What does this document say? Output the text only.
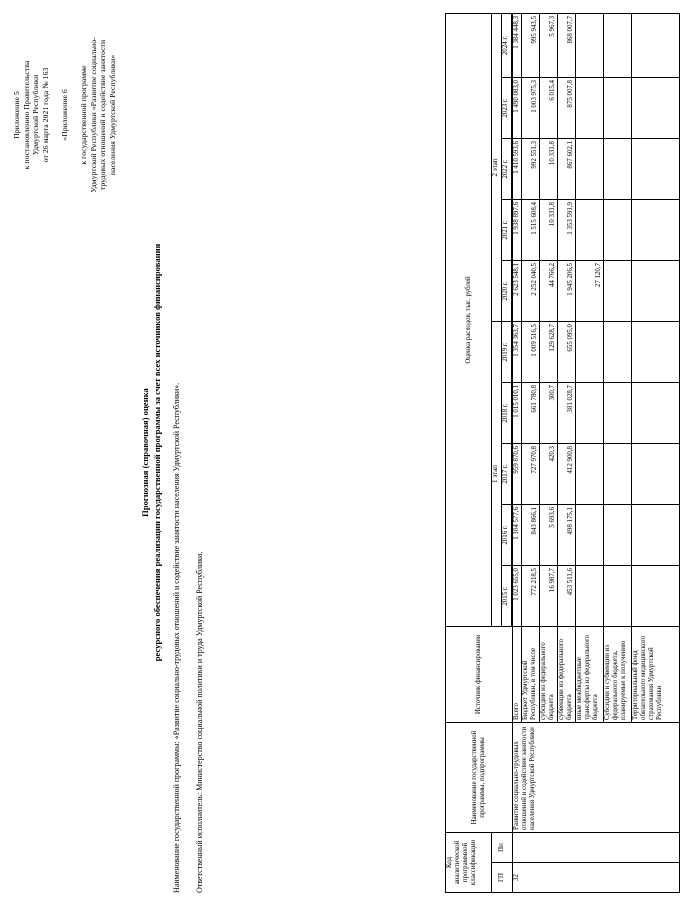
Приложение 5 к постановлению Правительства Удмуртской Республики от 26 марта 2021 года № 163 «Приложение 6 к государственной программе Удмуртской Республики «Развитие социально- трудовых отношений и содействие занятости населения Удмуртской Республики»
Прогнозная (справочная) оценка ресурсного обеспечения реализации государственной программы за счет всех источников финансирования Наименование государственной программы: «Развитие социально-трудовых отношений и содействие занятости населения Удмуртской Республики». Ответственный исполнитель: Министерство социальной политики и труда Удмуртской Республики.	Код аналитической программной классификации		Наименование государственной программы, подпрограммы	Источник финансирования	Оценка расходов, тыс. рублей									
ГП	Пп			1 этап					2 этап				
				2015 г.	2016 г.	2017 г.	2018 г.	2019 г.	2020 г.	2021 г.	2022 г.	2023 г.	2024 г.

32		Развитие социально-трудовых отношений и содействие занятости населения Удмуртской Республики	Всего	1 023 655,0	1 104 577,6	959 870,6	1 015 010,1	1 354 363,7	2 623 548,1	1 938 897,6	1 410 593,6	1 490 083,0	1 384 448,3
			Бюджет Удмуртской Республики, в том числе	772 218,5	843 866,1	727 970,8	661 780,8	1 009 516,5	2 252 040,5	1 515 608,4	992 551,3	1 003 975,3	995 943,5
			субсидии из федерального бюджета	16 987,7	5 693,6	420,3	300,7	129 628,7	44 766,2	10 331,8	10 331,8	6 015,4	5 967,3
			субвенции из федерального бюджета	453 511,6	498 175,1	412 900,8	381 028,7	655 095,0	1 945 206,5	1 353 591,9	867 602,1	875 007,8	868 007,7
			иные межбюджетные трансферты из федерального бюджета						27 120,7				
			Субсидии и субвенции из федерального бюджета, планируемые к получению										
			Территориальный фонд обязательного медицинского страхования Удмуртской Республики										
